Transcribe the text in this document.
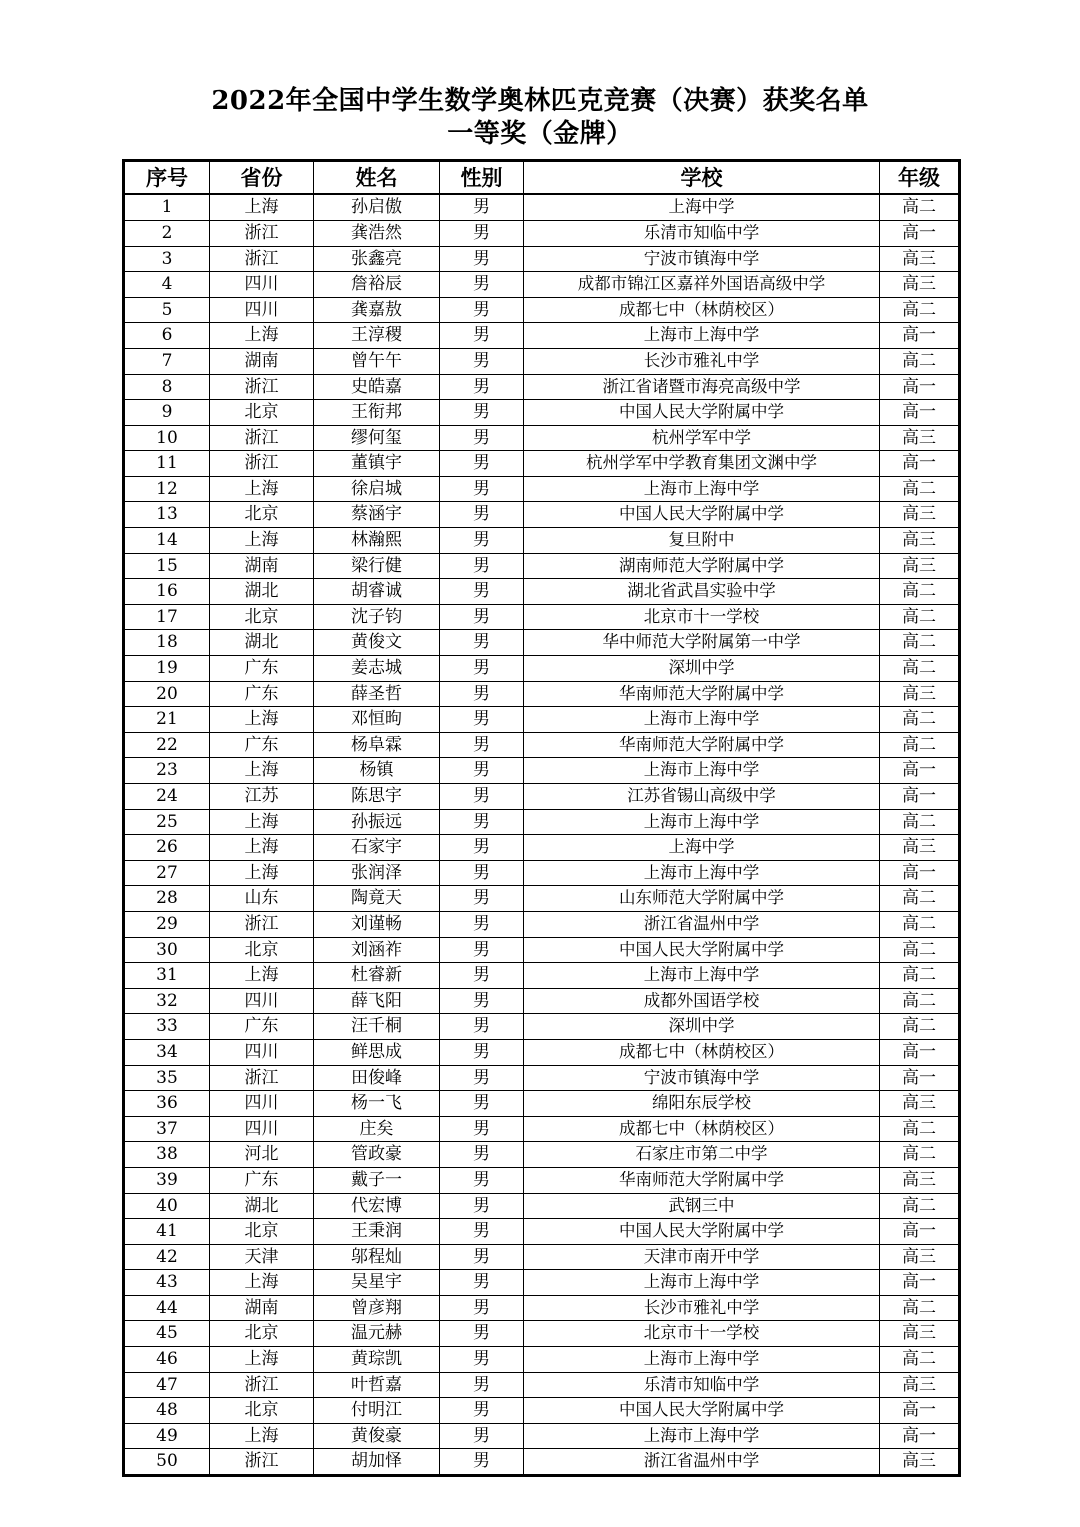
2022年全国中学生数学奥林匹克竞赛（决赛）获奖名单
一等奖（金牌）
序号	省份	姓名	性别	学校	年级
1	上海	孙启傲	男	上海中学	高二
2	浙江	龚浩然	男	乐清市知临中学	高一
3	浙江	张鑫亮	男	宁波市镇海中学	高三
4	四川	詹裕辰	男	成都市锦江区嘉祥外国语高级中学	高三
5	四川	龚嘉敖	男	成都七中（林荫校区）	高二
6	上海	王淳稷	男	上海市上海中学	高一
7	湖南	曾午午	男	长沙市雅礼中学	高二
8	浙江	史皓嘉	男	浙江省诸暨市海亮高级中学	高一
9	北京	王衔邦	男	中国人民大学附属中学	高一
10	浙江	缪何玺	男	杭州学军中学	高三
11	浙江	董镇宇	男	杭州学军中学教育集团文渊中学	高一
12	上海	徐启城	男	上海市上海中学	高二
13	北京	蔡涵宇	男	中国人民大学附属中学	高三
14	上海	林瀚熙	男	复旦附中	高三
15	湖南	梁行健	男	湖南师范大学附属中学	高三
16	湖北	胡睿诚	男	湖北省武昌实验中学	高二
17	北京	沈子钧	男	北京市十一学校	高二
18	湖北	黄俊文	男	华中师范大学附属第一中学	高二
19	广东	姜志城	男	深圳中学	高二
20	广东	薛圣哲	男	华南师范大学附属中学	高三
21	上海	邓恒昫	男	上海市上海中学	高二
22	广东	杨阜霖	男	华南师范大学附属中学	高二
23	上海	杨镇	男	上海市上海中学	高一
24	江苏	陈思宇	男	江苏省锡山高级中学	高一
25	上海	孙振远	男	上海市上海中学	高二
26	上海	石家宇	男	上海中学	高三
27	上海	张润泽	男	上海市上海中学	高一
28	山东	陶竟天	男	山东师范大学附属中学	高二
29	浙江	刘谨畅	男	浙江省温州中学	高二
30	北京	刘涵祚	男	中国人民大学附属中学	高二
31	上海	杜睿新	男	上海市上海中学	高二
32	四川	薛飞阳	男	成都外国语学校	高二
33	广东	汪千桐	男	深圳中学	高二
34	四川	鲜思成	男	成都七中（林荫校区）	高一
35	浙江	田俊峰	男	宁波市镇海中学	高一
36	四川	杨一飞	男	绵阳东辰学校	高三
37	四川	庄矣	男	成都七中（林荫校区）	高二
38	河北	管政豪	男	石家庄市第二中学	高二
39	广东	戴子一	男	华南师范大学附属中学	高三
40	湖北	代宏博	男	武钢三中	高二
41	北京	王秉润	男	中国人民大学附属中学	高一
42	天津	邬程灿	男	天津市南开中学	高三
43	上海	吴星宇	男	上海市上海中学	高一
44	湖南	曾彦翔	男	长沙市雅礼中学	高二
45	北京	温元赫	男	北京市十一学校	高三
46	上海	黄琮凯	男	上海市上海中学	高二
47	浙江	叶哲嘉	男	乐清市知临中学	高三
48	北京	付明江	男	中国人民大学附属中学	高一
49	上海	黄俊豪	男	上海市上海中学	高一
50	浙江	胡加怿	男	浙江省温州中学	高三
